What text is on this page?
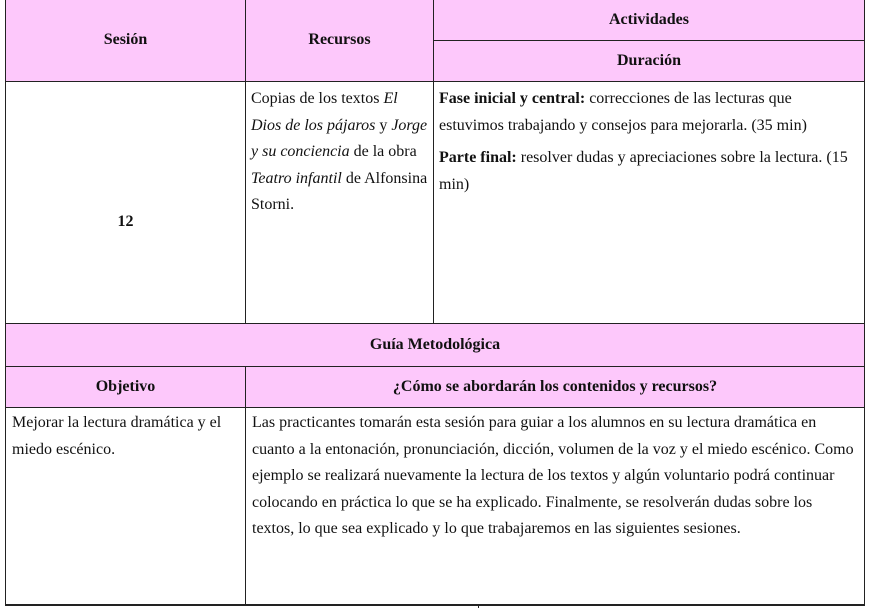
Sesión	Recursos
Actividades
Duración
12

Copias de los textos El Dios de los pájaros y Jorge y su conciencia de la obra Teatro infantil de Alfonsina Storni.

Fase inicial y central: correcciones de las lecturas que estuvimos trabajando y consejos para mejorarla. (35 min)

Parte final: resolver dudas y apreciaciones sobre la lectura. (15 min)

Guía Metodológica
Objetivo	¿Cómo se abordarán los contenidos y recursos?

Mejorar la lectura dramática y el miedo escénico.

Las practicantes tomarán esta sesión para guiar a los alumnos en su lectura dramática en cuanto a la entonación, pronunciación, dicción, volumen de la voz y el miedo escénico. Como ejemplo se realizará nuevamente la lectura de los textos y algún voluntario podrá continuar colocando en práctica lo que se ha explicado. Finalmente, se resolverán dudas sobre los textos, lo que sea explicado y lo que trabajaremos en las siguientes sesiones.
